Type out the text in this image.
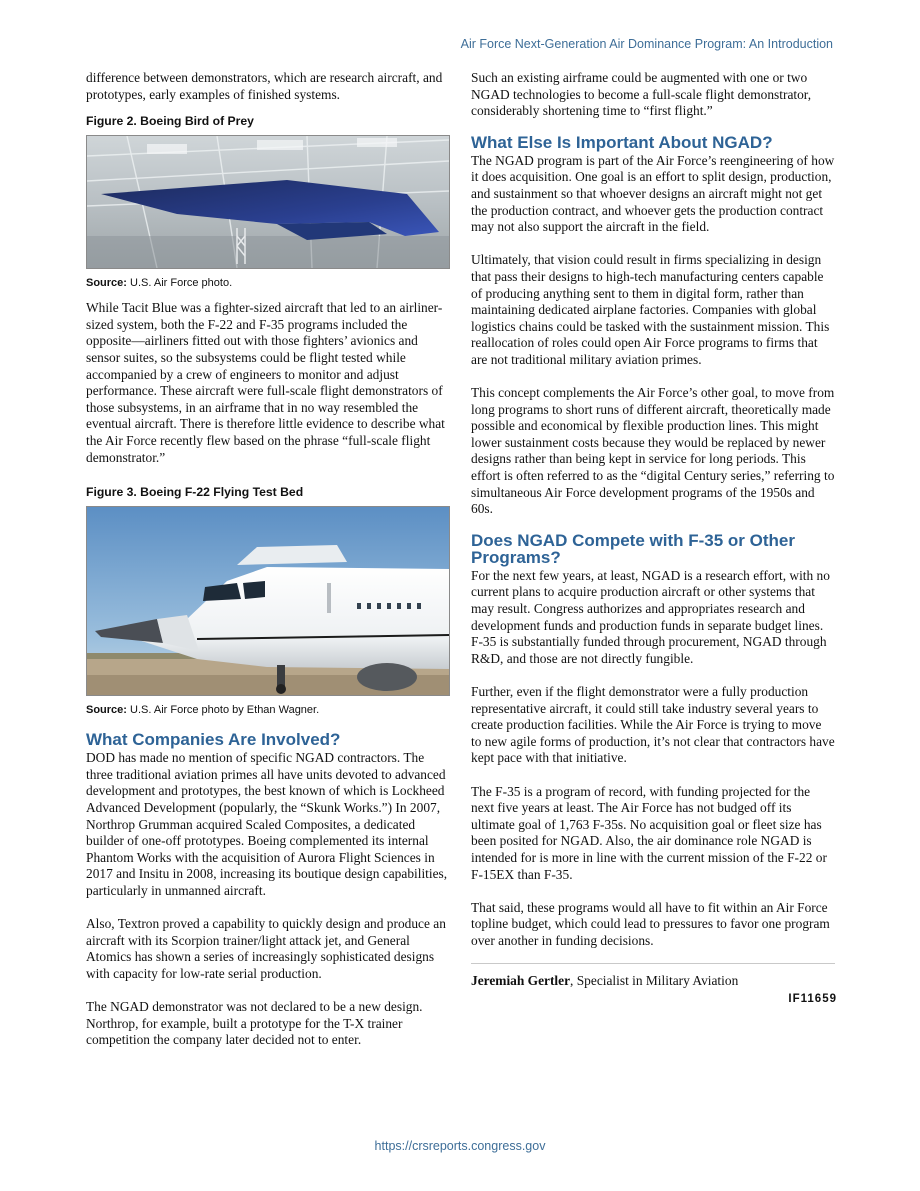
Air Force Next-Generation Air Dominance Program: An Introduction

difference between demonstrators, which are research aircraft, and prototypes, early examples of finished systems.

Figure 2. Boeing Bird of Prey

Source: U.S. Air Force photo.

While Tacit Blue was a fighter-sized aircraft that led to an airliner-sized system, both the F-22 and F-35 programs included the opposite—airliners fitted out with those fighters’ avionics and sensor suites, so the subsystems could be flight tested while accompanied by a crew of engineers to monitor and adjust performance. These aircraft were full-scale flight demonstrators of those subsystems, in an airframe that in no way resembled the eventual aircraft. There is therefore little evidence to describe what the Air Force recently flew based on the phrase “full-scale flight demonstrator.”

Figure 3. Boeing F-22 Flying Test Bed

Source: U.S. Air Force photo by Ethan Wagner.

What Companies Are Involved?

DOD has made no mention of specific NGAD contractors. The three traditional aviation primes all have units devoted to advanced development and prototypes, the best known of which is Lockheed Advanced Development (popularly, the “Skunk Works.”) In 2007, Northrop Grumman acquired Scaled Composites, a dedicated builder of one-off prototypes. Boeing complemented its internal Phantom Works with the acquisition of Aurora Flight Sciences in 2017 and Insitu in 2008, increasing its boutique design capabilities, particularly in unmanned aircraft.

Also, Textron proved a capability to quickly design and produce an aircraft with its Scorpion trainer/light attack jet, and General Atomics has shown a series of increasingly sophisticated designs with capacity for low-rate serial production.

The NGAD demonstrator was not declared to be a new design. Northrop, for example, built a prototype for the T-X trainer competition the company later decided not to enter.

Such an existing airframe could be augmented with one or two NGAD technologies to become a full-scale flight demonstrator, considerably shortening time to “first flight.”

What Else Is Important About NGAD?

The NGAD program is part of the Air Force’s reengineering of how it does acquisition. One goal is an effort to split design, production, and sustainment so that whoever designs an aircraft might not get the production contract, and whoever gets the production contract may not also support the aircraft in the field.

Ultimately, that vision could result in firms specializing in design that pass their designs to high-tech manufacturing centers capable of producing anything sent to them in digital form, rather than maintaining dedicated airplane factories. Companies with global logistics chains could be tasked with the sustainment mission. This reallocation of roles could open Air Force programs to firms that are not traditional military aviation primes.

This concept complements the Air Force’s other goal, to move from long programs to short runs of different aircraft, theoretically made possible and economical by flexible production lines. This might lower sustainment costs because they would be replaced by newer designs rather than being kept in service for long periods. This effort is often referred to as the “digital Century series,” referring to simultaneous Air Force development programs of the 1950s and 60s.

Does NGAD Compete with F-35 or Other Programs?

For the next few years, at least, NGAD is a research effort, with no current plans to acquire production aircraft or other systems that may result. Congress authorizes and appropriates research and development funds and production funds in separate budget lines. F-35 is substantially funded through procurement, NGAD through R&D, and those are not directly fungible.

Further, even if the flight demonstrator were a fully production representative aircraft, it could still take industry several years to create production facilities. While the Air Force is trying to move to new agile forms of production, it’s not clear that contractors have kept pace with that initiative.

The F-35 is a program of record, with funding projected for the next five years at least. The Air Force has not budged off its ultimate goal of 1,763 F-35s. No acquisition goal or fleet size has been posited for NGAD. Also, the air dominance role NGAD is intended for is more in line with the current mission of the F-22 or F-15EX than F-35.

That said, these programs would all have to fit within an Air Force topline budget, which could lead to pressures to favor one program over another in funding decisions.

Jeremiah Gertler, Specialist in Military Aviation

IF11659
https://crsreports.congress.gov
